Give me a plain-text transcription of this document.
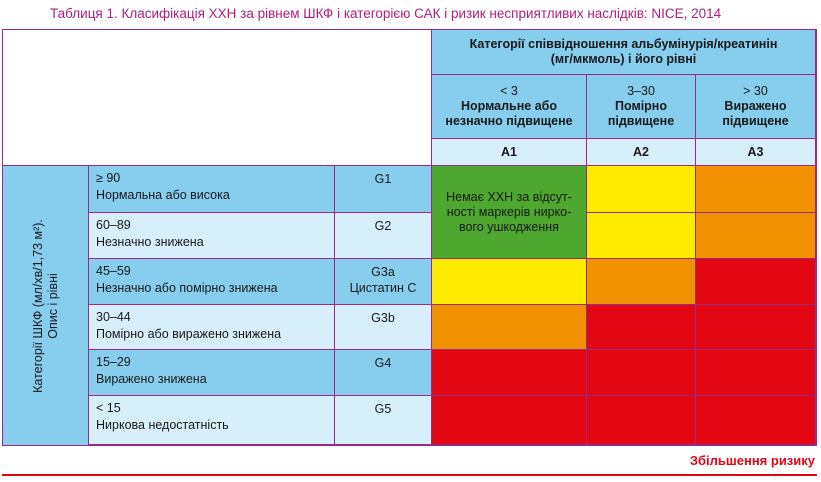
Таблиця 1. Класифікація ХХН за рівнем ШКФ і категорією САК і ризик несприятливих наслідків: NICE, 2014
Категорії співвідношення альбумінурія/креатинін
(мг/мкмоль) і його рівні
< 3
Нормальне або
незначно підвищене
3–30
Помірно
підвищене
> 30
Виражено
підвищене
A1	A2	A3
Категорії ШКФ (мл/хв/1,73 м²). Опис і рівні
≥ 90
Нормальна або висока
G1
60–89
Незначно знижена
G2
45–59
Незначно або помірно знижена
G3a
Цистатин С
30–44
Помірно або виражено знижена
G3b
15–29
Виражено знижена
G4
< 15
Ниркова недостатність
G5
Немає ХХН за відсут-
ності маркерів нирко-
вого ушкодження
Збільшення ризику
